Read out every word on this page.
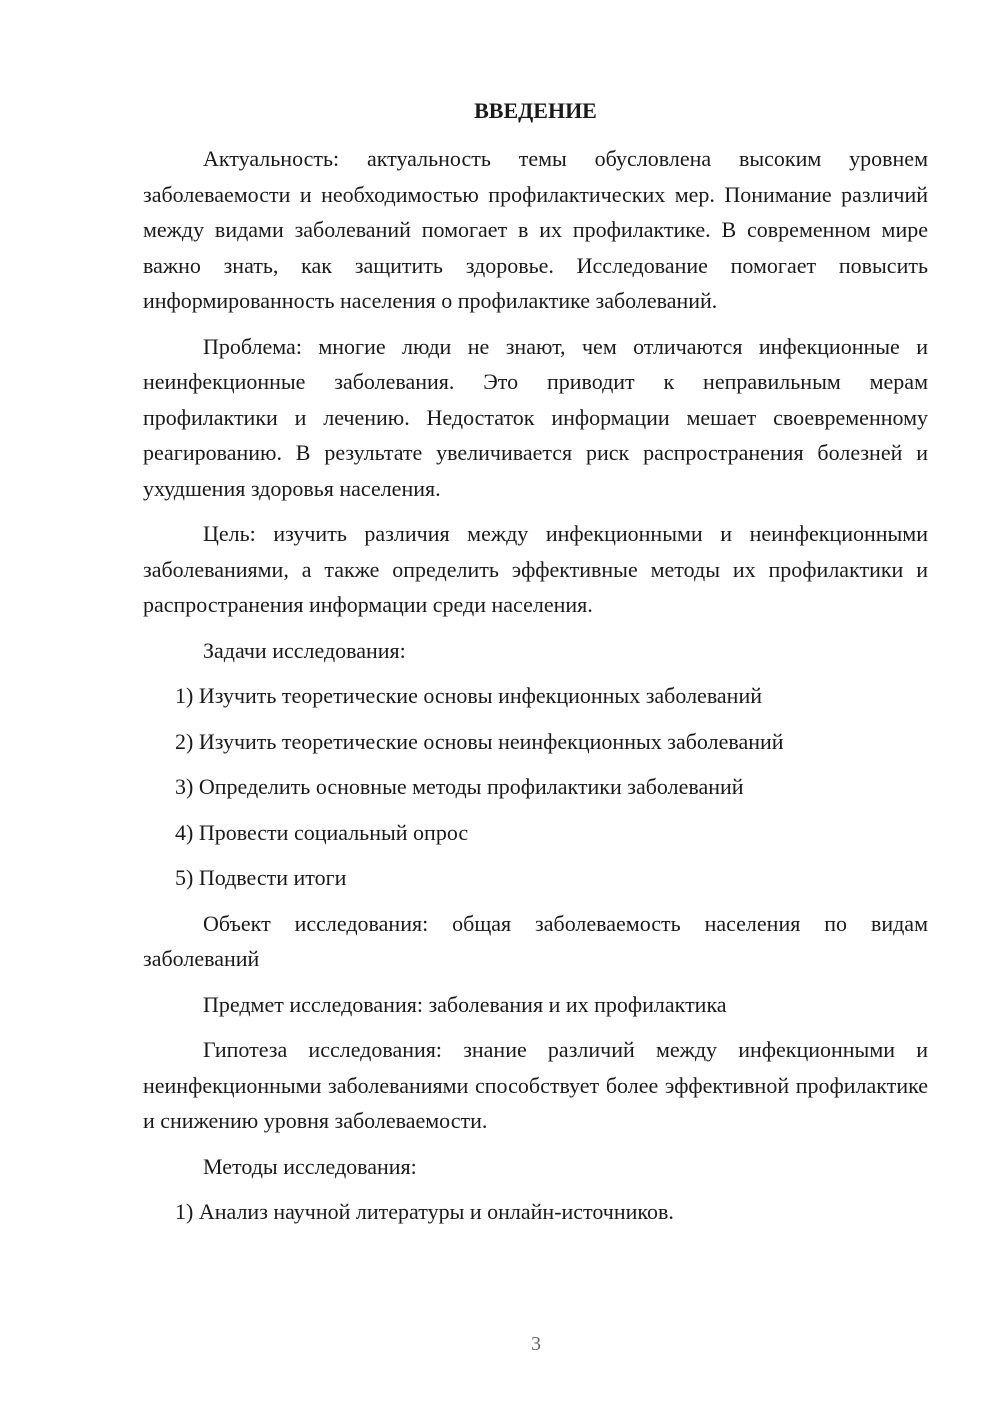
ВВЕДЕНИЕ

Актуальность: актуальность темы обусловлена высоким уровнем заболеваемости и необходимостью профилактических мер. Понимание различий между видами заболеваний помогает в их профилактике. В современном мире важно знать, как защитить здоровье. Исследование помогает повысить информированность населения о профилактике заболеваний.

Проблема: многие люди не знают, чем отличаются инфекционные и неинфекционные заболевания. Это приводит к неправильным мерам профилактики и лечению. Недостаток информации мешает своевременному реагированию. В результате увеличивается риск распространения болезней и ухудшения здоровья населения.

Цель: изучить различия между инфекционными и неинфекционными заболеваниями, а также определить эффективные методы их профилактики и распространения информации среди населения.

Задачи исследования:

1) Изучить теоретические основы инфекционных заболеваний
2) Изучить теоретические основы неинфекционных заболеваний
3) Определить основные методы профилактики заболеваний
4) Провести социальный опрос
5) Подвести итоги

Объект исследования: общая заболеваемость населения по видам заболеваний

Предмет исследования: заболевания и их профилактика

Гипотеза исследования: знание различий между инфекционными и неинфекционными заболеваниями способствует более эффективной профилактике и снижению уровня заболеваемости.

Методы исследования:

1) Анализ научной литературы и онлайн-источников.
3
